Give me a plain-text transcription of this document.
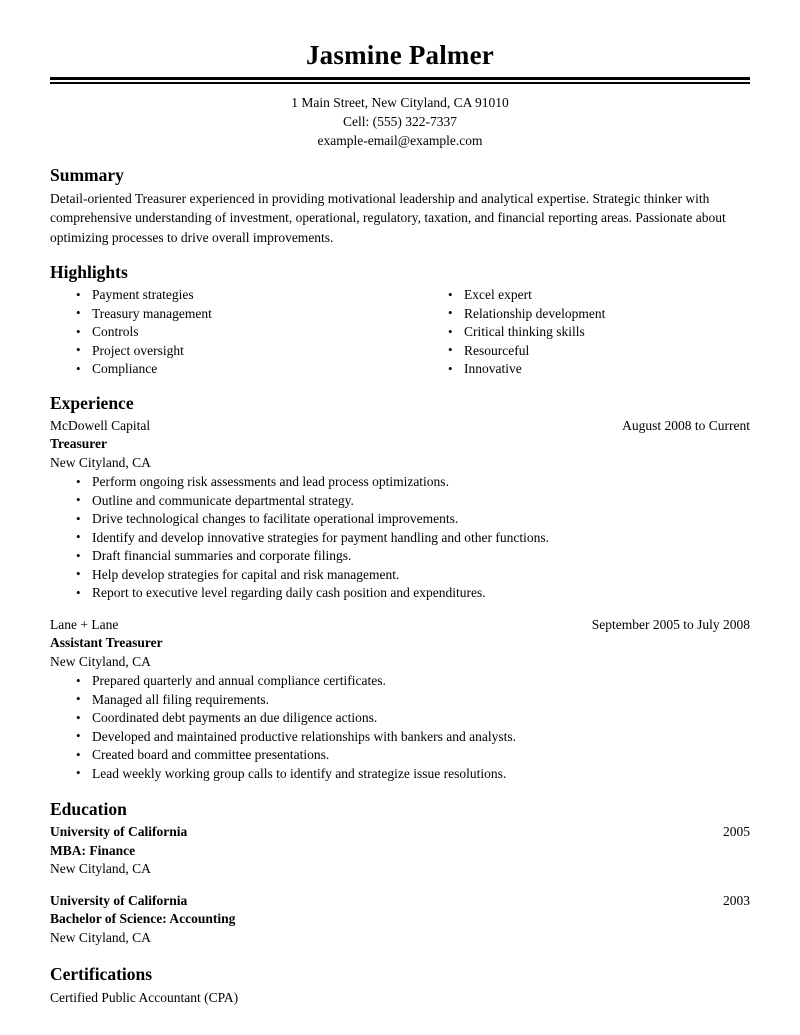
Jasmine Palmer
1 Main Street, New Cityland, CA 91010
Cell: (555) 322-7337
example-email@example.com
Summary
Detail-oriented Treasurer experienced in providing motivational leadership and analytical expertise. Strategic thinker with comprehensive understanding of investment, operational, regulatory, taxation, and financial reporting areas. Passionate about optimizing processes to drive overall improvements.
Highlights
• Payment strategies
• Treasury management
• Controls
• Project oversight
• Compliance
• Excel expert
• Relationship development
• Critical thinking skills
• Resourceful
• Innovative
Experience
McDowell Capital	August 2008 to Current
Treasurer
New Cityland, CA
• Perform ongoing risk assessments and lead process optimizations.
• Outline and communicate departmental strategy.
• Drive technological changes to facilitate operational improvements.
• Identify and develop innovative strategies for payment handling and other functions.
• Draft financial summaries and corporate filings.
• Help develop strategies for capital and risk management.
• Report to executive level regarding daily cash position and expenditures.
Lane + Lane	September 2005 to July 2008
Assistant Treasurer
New Cityland, CA
• Prepared quarterly and annual compliance certificates.
• Managed all filing requirements.
• Coordinated debt payments an due diligence actions.
• Developed and maintained productive relationships with bankers and analysts.
• Created board and committee presentations.
• Lead weekly working group calls to identify and strategize issue resolutions.
Education
University of California	2005
MBA: Finance
New Cityland, CA
University of California	2003
Bachelor of Science: Accounting
New Cityland, CA
Certifications
Certified Public Accountant (CPA)
